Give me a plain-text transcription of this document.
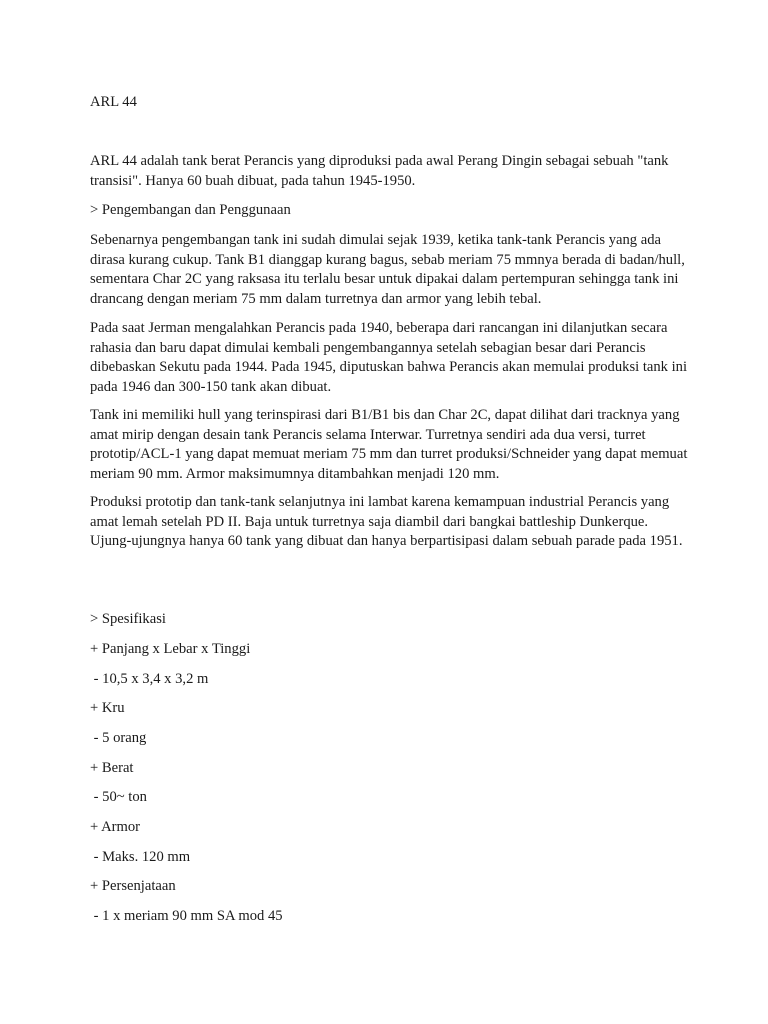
ARL 44

ARL 44 adalah tank berat Perancis yang diproduksi pada awal Perang Dingin sebagai sebuah "tank transisi". Hanya 60 buah dibuat, pada tahun 1945-1950.

> Pengembangan dan Penggunaan

Sebenarnya pengembangan tank ini sudah dimulai sejak 1939, ketika tank-tank Perancis yang ada dirasa kurang cukup. Tank B1 dianggap kurang bagus, sebab meriam 75 mmnya berada di badan/hull, sementara Char 2C yang raksasa itu terlalu besar untuk dipakai dalam pertempuran sehingga tank ini drancang dengan meriam 75 mm dalam turretnya dan armor yang lebih tebal.

Pada saat Jerman mengalahkan Perancis pada 1940, beberapa dari rancangan ini dilanjutkan secara rahasia dan baru dapat dimulai kembali pengembangannya setelah sebagian besar dari Perancis dibebaskan Sekutu pada 1944. Pada 1945, diputuskan bahwa Perancis akan memulai produksi tank ini pada 1946 dan 300-150 tank akan dibuat.

Tank ini memiliki hull yang terinspirasi dari B1/B1 bis dan Char 2C, dapat dilihat dari tracknya yang amat mirip dengan desain tank Perancis selama Interwar. Turretnya sendiri ada dua versi, turret prototip/ACL-1 yang dapat memuat meriam 75 mm dan turret produksi/Schneider yang dapat memuat meriam 90 mm. Armor maksimumnya ditambahkan menjadi 120 mm.

Produksi prototip dan tank-tank selanjutnya ini lambat karena kemampuan industrial Perancis yang amat lemah setelah PD II. Baja untuk turretnya saja diambil dari bangkai battleship Dunkerque. Ujung-ujungnya hanya 60 tank yang dibuat dan hanya berpartisipasi dalam sebuah parade pada 1951.

> Spesifikasi

+ Panjang x Lebar x Tinggi

- 10,5 x 3,4 x 3,2 m

+ Kru

- 5 orang

+ Berat

- 50~ ton

+ Armor

- Maks. 120 mm

+ Persenjataan

- 1 x meriam 90 mm SA mod 45
